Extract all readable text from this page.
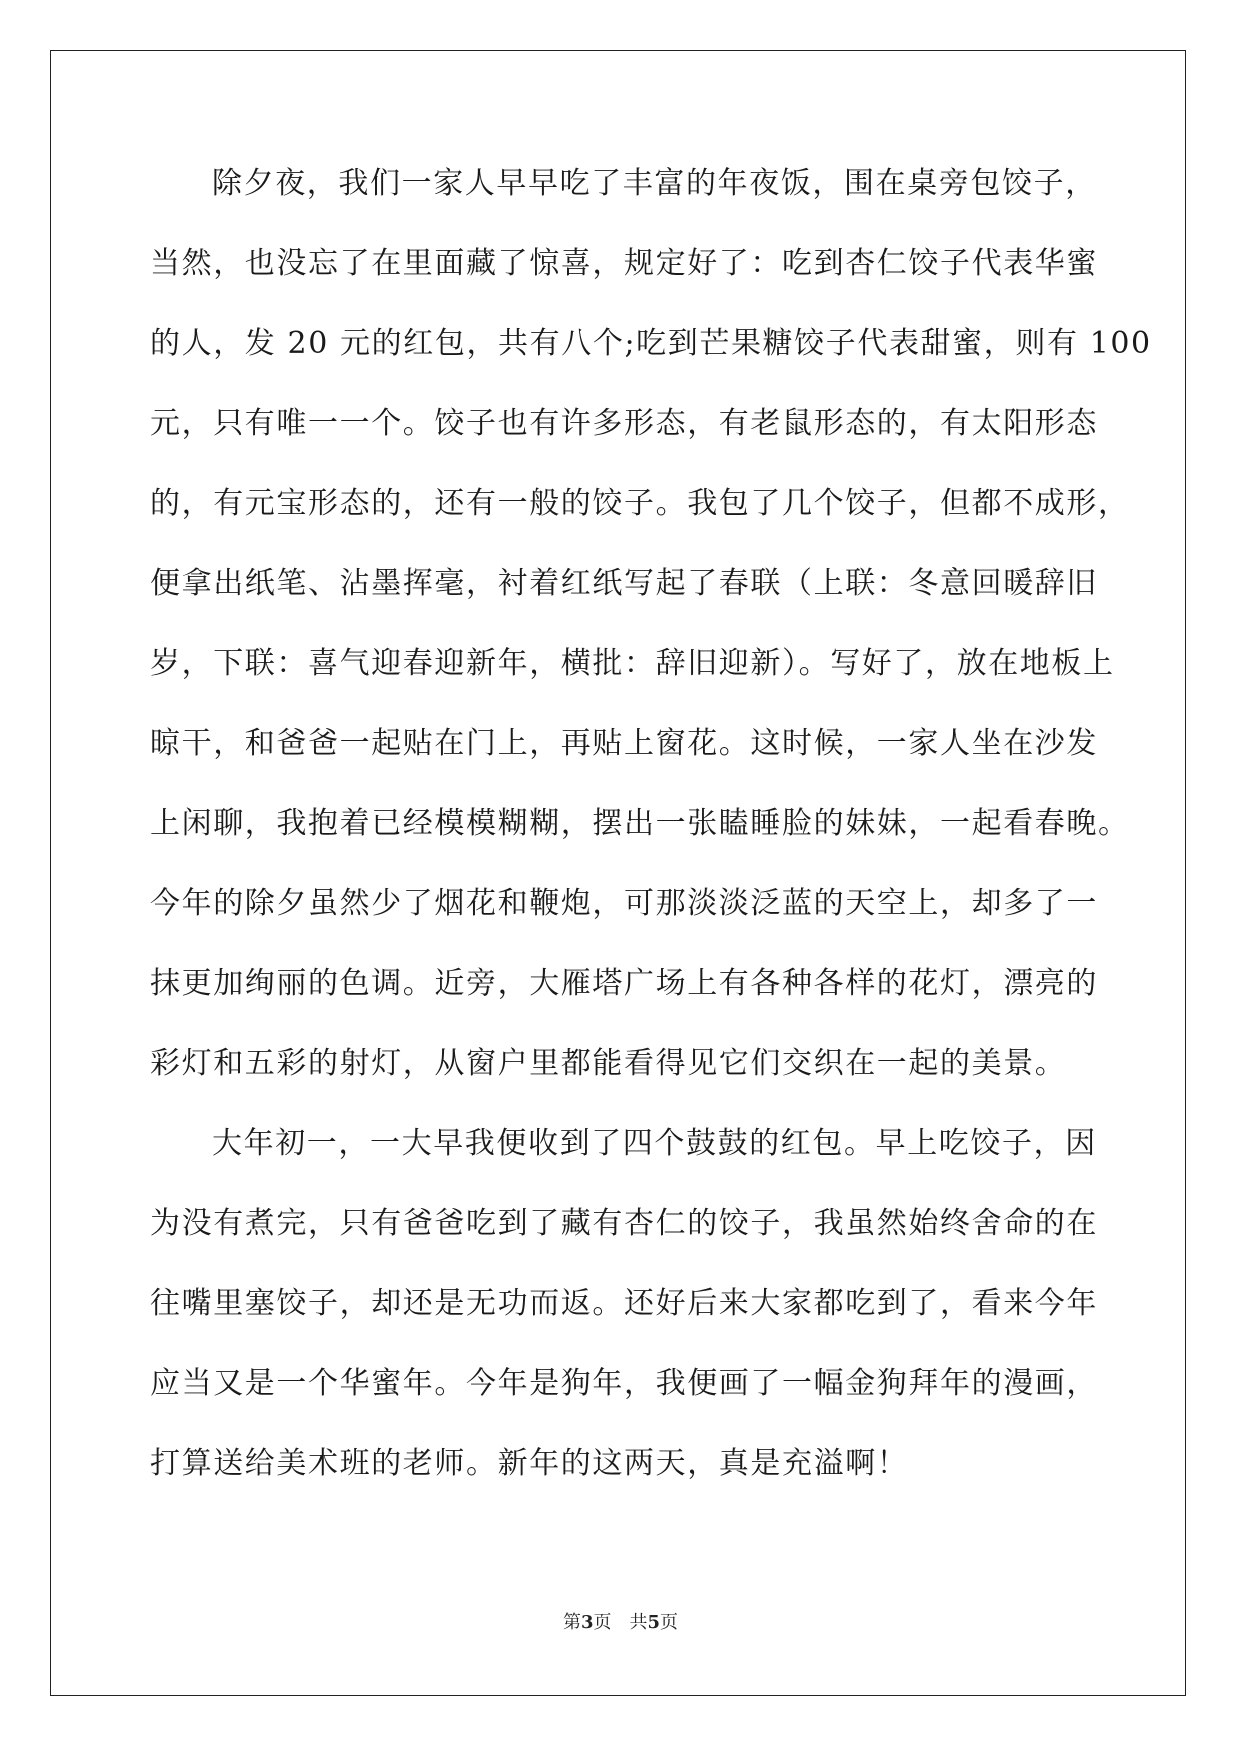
除夕夜，我们一家人早早吃了丰富的年夜饭，围在桌旁包饺子，
当然，也没忘了在里面藏了惊喜，规定好了：吃到杏仁饺子代表华蜜
的人，发 20 元的红包，共有八个;吃到芒果糖饺子代表甜蜜，则有 100
元，只有唯一一个。饺子也有许多形态，有老鼠形态的，有太阳形态
的，有元宝形态的，还有一般的饺子。我包了几个饺子，但都不成形，
便拿出纸笔、沾墨挥毫，衬着红纸写起了春联（上联：冬意回暖辞旧
岁，下联：喜气迎春迎新年，横批：辞旧迎新）。写好了，放在地板上
晾干，和爸爸一起贴在门上，再贴上窗花。这时候，一家人坐在沙发
上闲聊，我抱着已经模模糊糊，摆出一张瞌睡脸的妹妹，一起看春晚。
今年的除夕虽然少了烟花和鞭炮，可那淡淡泛蓝的天空上，却多了一
抹更加绚丽的色调。近旁，大雁塔广场上有各种各样的花灯，漂亮的
彩灯和五彩的射灯，从窗户里都能看得见它们交织在一起的美景。
大年初一，一大早我便收到了四个鼓鼓的红包。早上吃饺子，因
为没有煮完，只有爸爸吃到了藏有杏仁的饺子，我虽然始终舍命的在
往嘴里塞饺子，却还是无功而返。还好后来大家都吃到了，看来今年
应当又是一个华蜜年。今年是狗年，我便画了一幅金狗拜年的漫画，
打算送给美术班的老师。新年的这两天，真是充溢啊！
第3页 共5页
